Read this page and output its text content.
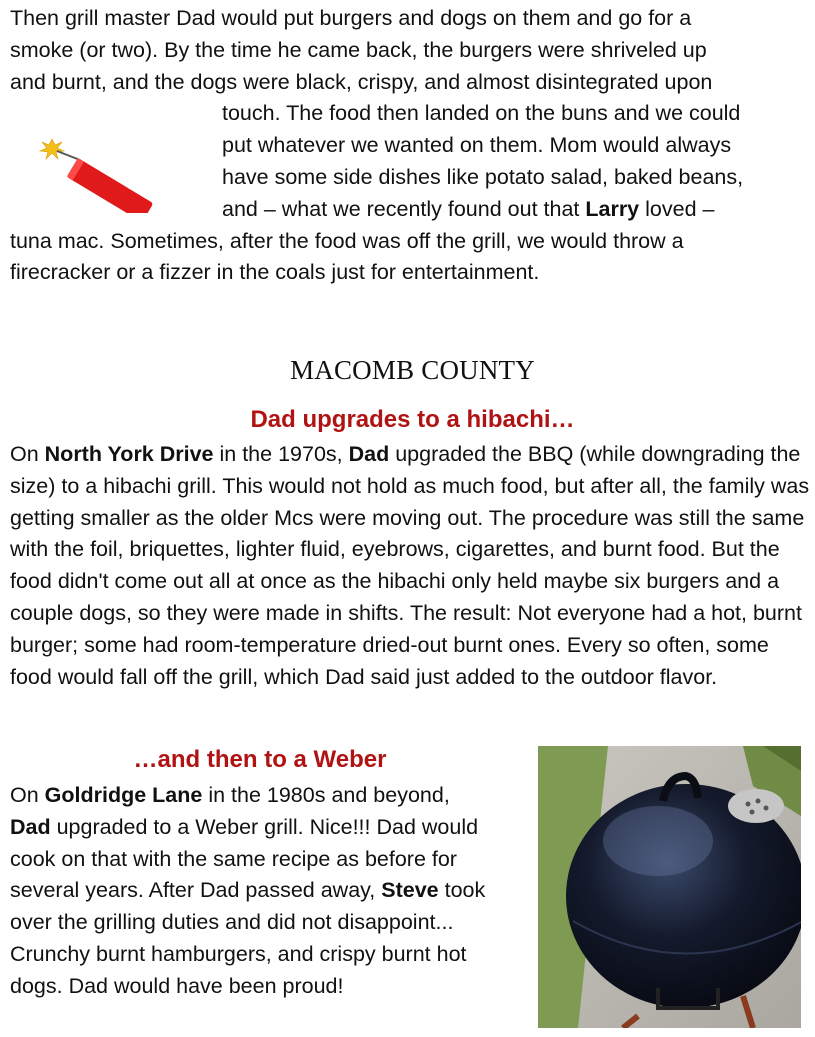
Then grill master Dad would put burgers and dogs on them and go for a

smoke (or two). By the time he came back, the burgers were shriveled up

and burnt, and the dogs were black, crispy, and almost disintegrated upon

touch. The food then landed on the buns and we could

put whatever we wanted on them. Mom would always

have some side dishes like potato salad, baked beans,

and – what we recently found out that Larry loved –

tuna mac. Sometimes, after the food was off the grill, we would throw a

firecracker or a fizzer in the coals just for entertainment.

MACOMB COUNTY
Dad upgrades to a hibachi…

On North York Drive in the 1970s, Dad upgraded the BBQ (while downgrading the size) to a hibachi grill. This would not hold as much food, but after all, the family was getting smaller as the older Mcs were moving out. The procedure was still the same with the foil, briquettes, lighter fluid, eyebrows, cigarettes, and burnt food. But the food didn't come out all at once as the hibachi only held maybe six burgers and a couple dogs, so they were made in shifts. The result: Not everyone had a hot, burnt burger; some had room-temperature dried-out burnt ones. Every so often, some food would fall off the grill, which Dad said just added to the outdoor flavor.

…and then to a Weber

On Goldridge Lane in the 1980s and beyond,
Dad upgraded to a Weber grill. Nice!!! Dad would cook on that with the same recipe as before for several years. After Dad passed away, Steve took over the grilling duties and did not disappoint... Crunchy burnt hamburgers, and crispy burnt hot dogs. Dad would have been proud!
